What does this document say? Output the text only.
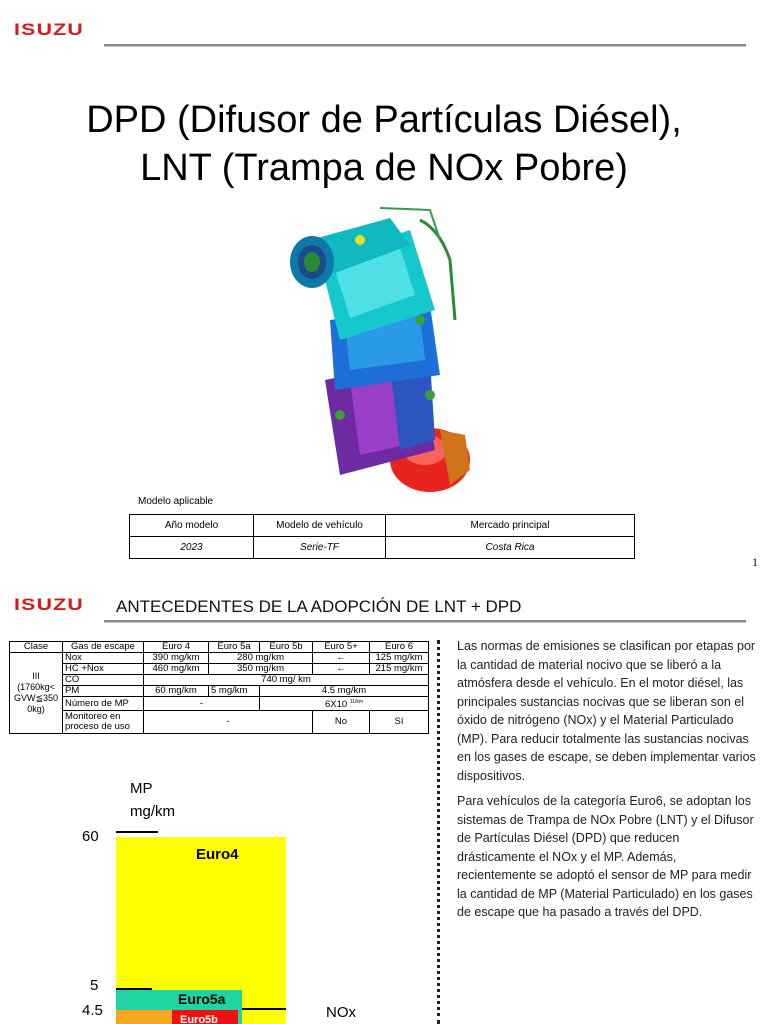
ISUZU
DPD (Difusor de Partículas Diésel),
LNT (Trampa de NOx Pobre)
Modelo aplicable
Año modelo	Modelo de vehículo	Mercado principal
2023	Serie-TF	Costa Rica
1
ISUZU ANTECEDENTES DE LA ADOPCIÓN DE LNT + DPD
Clase	Gas de escape	Euro 4	Euro 5a	Euro 5b	Euro 5+	Euro 6
III
(1760kg<
GVW≦350
0kg)	Nox	390 mg/km	280 mg/km		←	125 mg/km
	HC +Nox	460 mg/km	350 mg/km		←	215 mg/km
	CO	740 mg/ km				
	PM	60 mg/km	5 mg/km	4.5 mg/km		
	Número de MP	-		6X10 $^{11/km}$
	Monitoreo en proceso de uso	-			No	Sí
Las normas de emisiones se clasifican por etapas por la cantidad de material nocivo que se liberó a la atmósfera desde el vehículo. En el motor diésel, las principales sustancias nocivas que se liberan son el óxido de nitrógeno (NOx) y el Material Particulado (MP). Para reducir totalmente las sustancias nocivas en los gases de escape, se deben implementar varios dispositivos.
Para vehículos de la categoría Euro6, se adoptan los sistemas de Trampa de NOx Pobre (LNT) y el Difusor de Partículas Diésel (DPD) que reducen drásticamente el NOx y el MP. Además, recientemente se adoptó el sensor de MP para medir la cantidad de MP (Material Particulado) en los gases de escape que ha pasado a través del DPD.
MP
mg/km
60
5
4.5
Euro4
Euro5a
Euro5b	NOx
